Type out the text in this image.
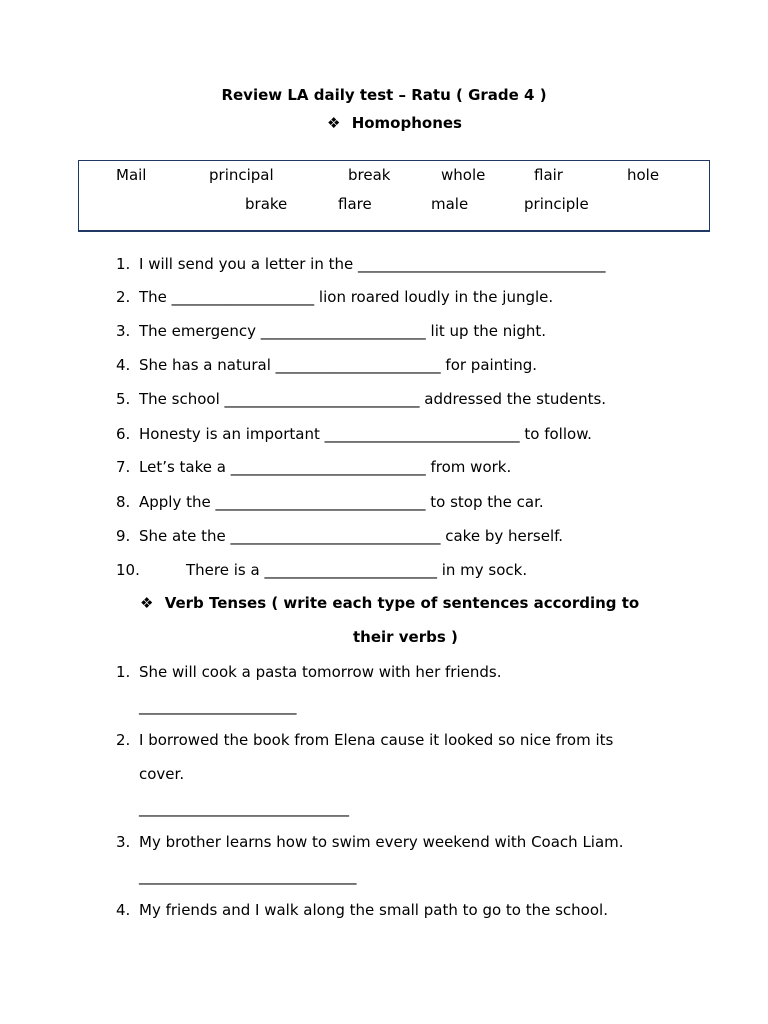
Review LA daily test – Ratu ( Grade 4 )
❖ Homophones
Mail	principal	break	whole	flair	hole
brake	flare	male	principle
1. I will send you a letter in the _________________________________
2. The ___________________ lion roared loudly in the jungle.
3. The emergency ______________________ lit up the night.
4. She has a natural ______________________ for painting.
5. The school __________________________ addressed the students.
6. Honesty is an important __________________________ to follow.
7. Let’s take a __________________________ from work.
8. Apply the ____________________________ to stop the car.
9. She ate the ____________________________ cake by herself.
10.	There is a _______________________ in my sock.
❖ Verb Tenses ( write each type of sentences according to
their verbs )
1. She will cook a pasta tomorrow with her friends.
_____________________
2. I borrowed the book from Elena cause it looked so nice from its
cover.
____________________________
3. My brother learns how to swim every weekend with Coach Liam.
_____________________________
4. My friends and I walk along the small path to go to the school.
